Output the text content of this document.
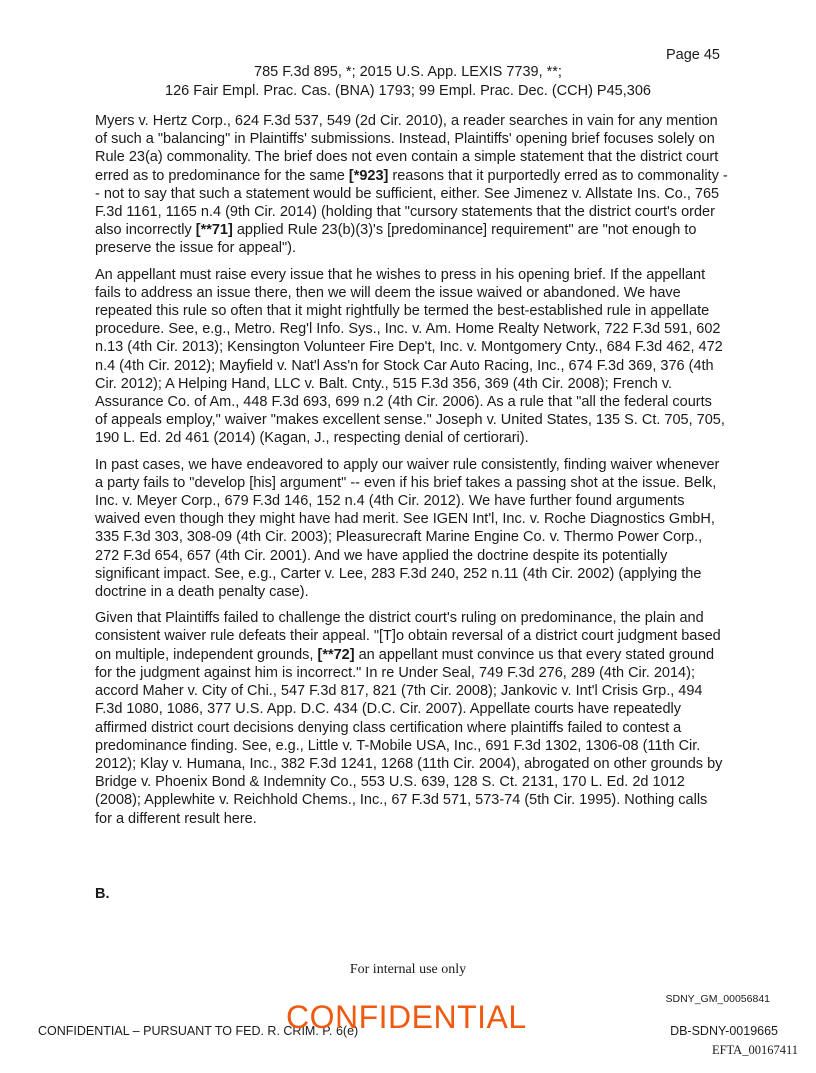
Page 45
785 F.3d 895, *; 2015 U.S. App. LEXIS 7739, **;
126 Fair Empl. Prac. Cas. (BNA) 1793; 99 Empl. Prac. Dec. (CCH) P45,306

Myers v. Hertz Corp., 624 F.3d 537, 549 (2d Cir. 2010), a reader searches in vain for any mention of such a "balancing" in Plaintiffs' submissions. Instead, Plaintiffs' opening brief focuses solely on Rule 23(a) commonality. The brief does not even contain a simple statement that the district court erred as to predominance for the same [*923] reasons that it purportedly erred as to commonality -- not to say that such a statement would be sufficient, either. See Jimenez v. Allstate Ins. Co., 765 F.3d 1161, 1165 n.4 (9th Cir. 2014) (holding that "cursory statements that the district court's order also incorrectly [**71] applied Rule 23(b)(3)'s [predominance] requirement" are "not enough to preserve the issue for appeal").

An appellant must raise every issue that he wishes to press in his opening brief. If the appellant fails to address an issue there, then we will deem the issue waived or abandoned. We have repeated this rule so often that it might rightfully be termed the best-established rule in appellate procedure. See, e.g., Metro. Reg'l Info. Sys., Inc. v. Am. Home Realty Network, 722 F.3d 591, 602 n.13 (4th Cir. 2013); Kensington Volunteer Fire Dep't, Inc. v. Montgomery Cnty., 684 F.3d 462, 472 n.4 (4th Cir. 2012); Mayfield v. Nat'l Ass'n for Stock Car Auto Racing, Inc., 674 F.3d 369, 376 (4th Cir. 2012); A Helping Hand, LLC v. Balt. Cnty., 515 F.3d 356, 369 (4th Cir. 2008); French v. Assurance Co. of Am., 448 F.3d 693, 699 n.2 (4th Cir. 2006). As a rule that "all the federal courts of appeals employ," waiver "makes excellent sense." Joseph v. United States, 135 S. Ct. 705, 705, 190 L. Ed. 2d 461 (2014) (Kagan, J., respecting denial of certiorari).

In past cases, we have endeavored to apply our waiver rule consistently, finding waiver whenever a party fails to "develop [his] argument" -- even if his brief takes a passing shot at the issue. Belk, Inc. v. Meyer Corp., 679 F.3d 146, 152 n.4 (4th Cir. 2012). We have further found arguments waived even though they might have had merit. See IGEN Int'l, Inc. v. Roche Diagnostics GmbH, 335 F.3d 303, 308-09 (4th Cir. 2003); Pleasurecraft Marine Engine Co. v. Thermo Power Corp., 272 F.3d 654, 657 (4th Cir. 2001). And we have applied the doctrine despite its potentially significant impact. See, e.g., Carter v. Lee, 283 F.3d 240, 252 n.11 (4th Cir. 2002) (applying the doctrine in a death penalty case).

Given that Plaintiffs failed to challenge the district court's ruling on predominance, the plain and consistent waiver rule defeats their appeal. "[T]o obtain reversal of a district court judgment based on multiple, independent grounds, [**72] an appellant must convince us that every stated ground for the judgment against him is incorrect." In re Under Seal, 749 F.3d 276, 289 (4th Cir. 2014); accord Maher v. City of Chi., 547 F.3d 817, 821 (7th Cir. 2008); Jankovic v. Int'l Crisis Grp., 494 F.3d 1080, 1086, 377 U.S. App. D.C. 434 (D.C. Cir. 2007). Appellate courts have repeatedly affirmed district court decisions denying class certification where plaintiffs failed to contest a predominance finding. See, e.g., Little v. T-Mobile USA, Inc., 691 F.3d 1302, 1306-08 (11th Cir. 2012); Klay v. Humana, Inc., 382 F.3d 1241, 1268 (11th Cir. 2004), abrogated on other grounds by Bridge v. Phoenix Bond & Indemnity Co., 553 U.S. 639, 128 S. Ct. 2131, 170 L. Ed. 2d 1012 (2008); Applewhite v. Reichhold Chems., Inc., 67 F.3d 571, 573-74 (5th Cir. 1995). Nothing calls for a different result here.

B.
For internal use only
SDNY_GM_00056841
CONFIDENTIAL – PURSUANT TO FED. R. CRIM. P. 6(e)
CONFIDENTIAL	DB-SDNY-0019665
EFTA_00167411
